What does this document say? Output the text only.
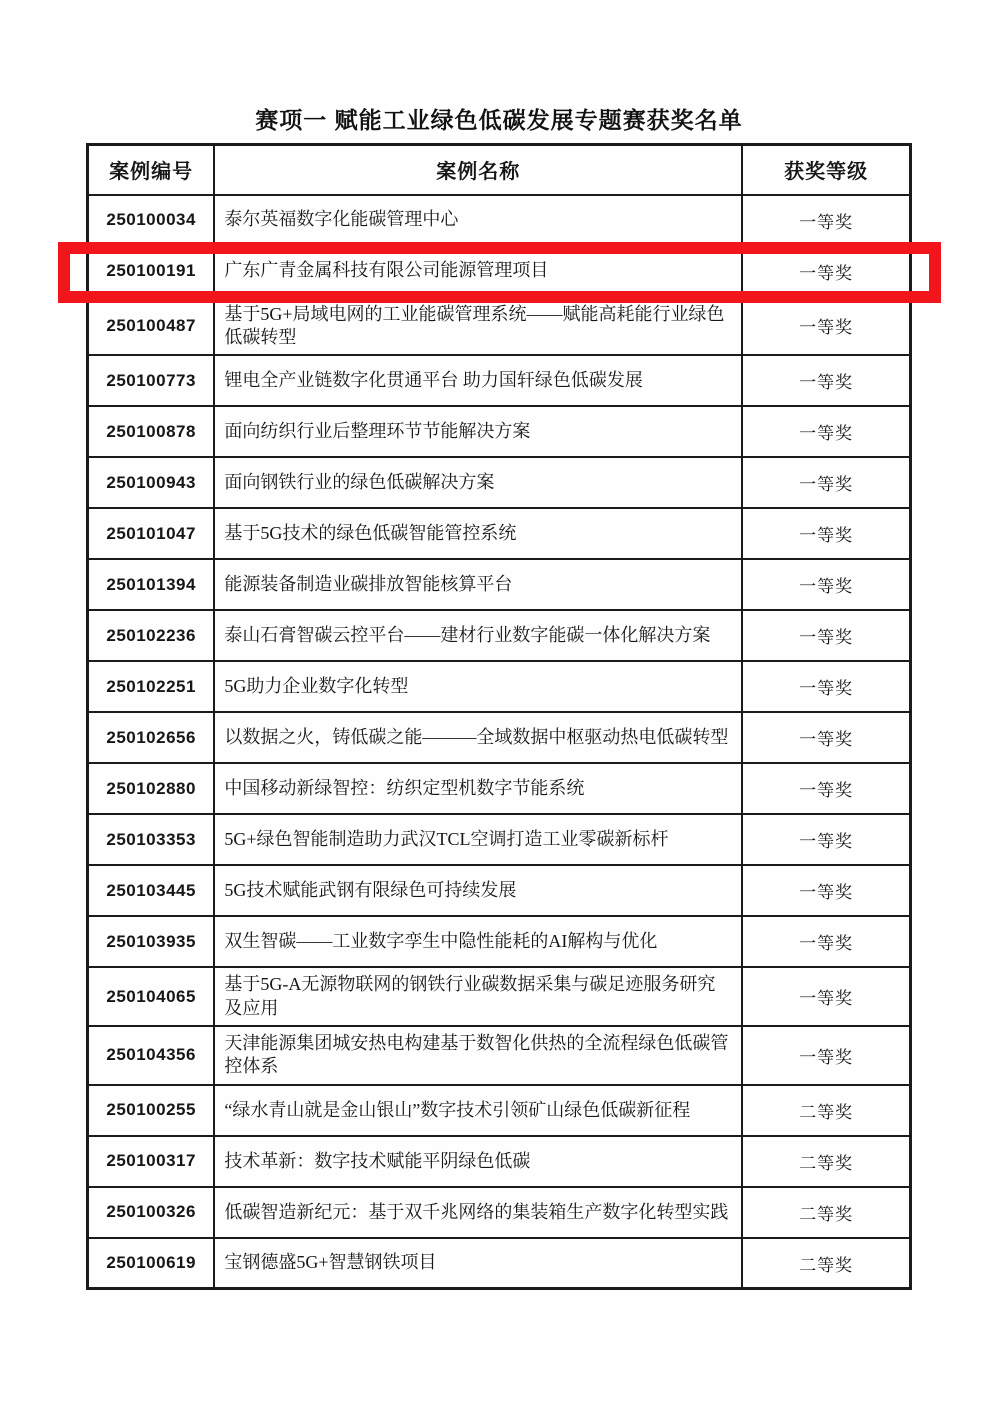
赛项一 赋能工业绿色低碳发展专题赛获奖名单
案例编号	案例名称	获奖等级
250100034	泰尔英福数字化能碳管理中心	一等奖
250100191	广东广青金属科技有限公司能源管理项目	一等奖
250100487	基于5G+局域电网的工业能碳管理系统——赋能高耗能行业绿色低碳转型	一等奖
250100773	锂电全产业链数字化贯通平台 助力国轩绿色低碳发展	一等奖
250100878	面向纺织行业后整理环节节能解决方案	一等奖
250100943	面向钢铁行业的绿色低碳解决方案	一等奖
250101047	基于5G技术的绿色低碳智能管控系统	一等奖
250101394	能源装备制造业碳排放智能核算平台	一等奖
250102236	泰山石膏智碳云控平台——建材行业数字能碳一体化解决方案	一等奖
250102251	5G助力企业数字化转型	一等奖
250102656	以数据之火，铸低碳之能———全域数据中枢驱动热电低碳转型	一等奖
250102880	中国移动新绿智控：纺织定型机数字节能系统	一等奖
250103353	5G+绿色智能制造助力武汉TCL空调打造工业零碳新标杆	一等奖
250103445	5G技术赋能武钢有限绿色可持续发展	一等奖
250103935	双生智碳——工业数字孪生中隐性能耗的AI解构与优化	一等奖
250104065	基于5G-A无源物联网的钢铁行业碳数据采集与碳足迹服务研究及应用	一等奖
250104356	天津能源集团城安热电构建基于数智化供热的全流程绿色低碳管控体系	一等奖
250100255	“绿水青山就是金山银山”数字技术引领矿山绿色低碳新征程	二等奖
250100317	技术革新：数字技术赋能平阴绿色低碳	二等奖
250100326	低碳智造新纪元：基于双千兆网络的集装箱生产数字化转型实践	二等奖
250100619	宝钢德盛5G+智慧钢铁项目	二等奖
